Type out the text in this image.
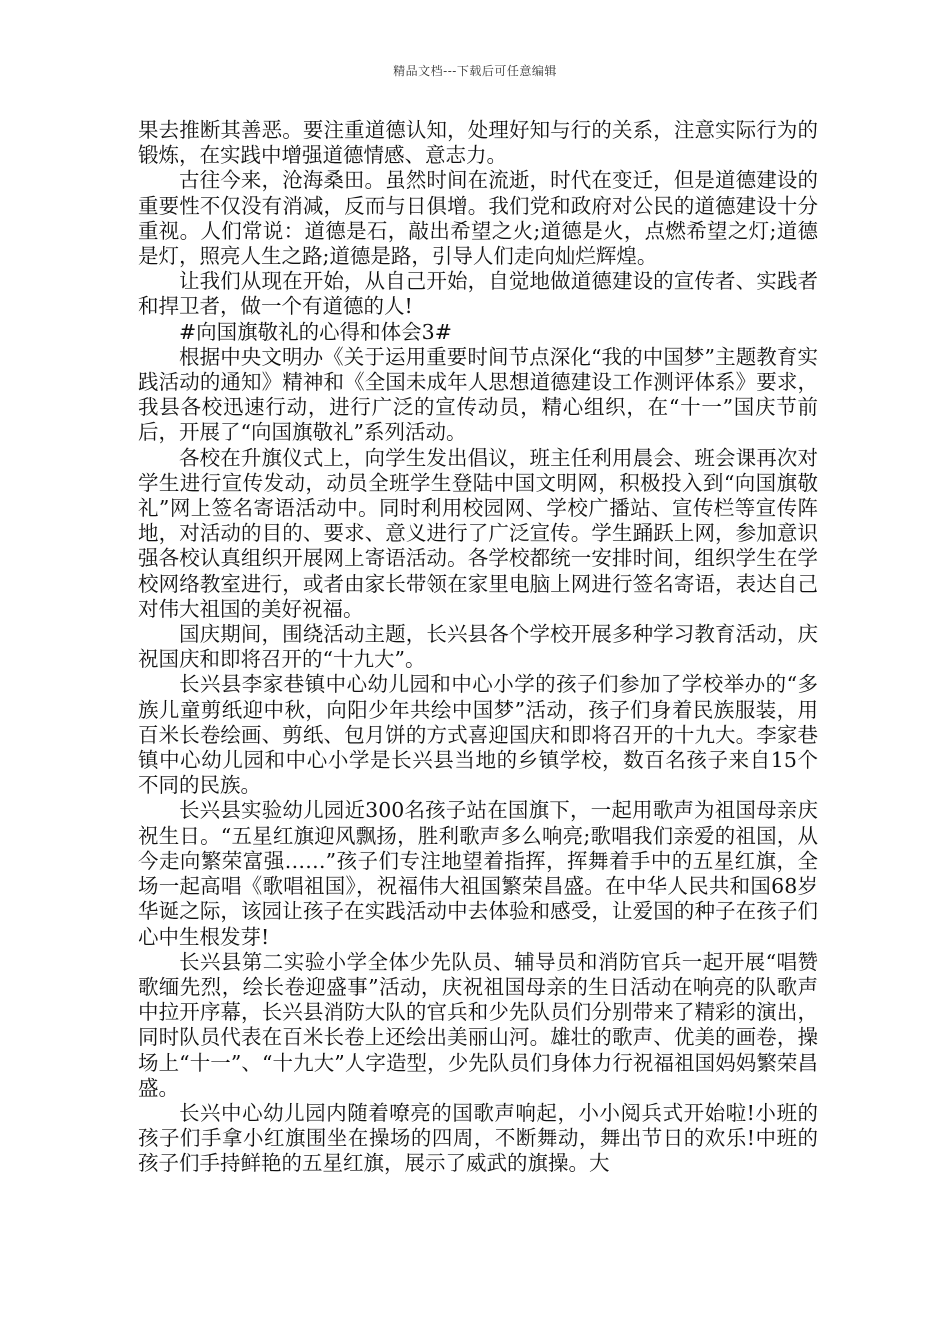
精品文档---下载后可任意编辑

果去推断其善恶。要注重道德认知，处理好知与行的关系，注意实际行为的锻炼，在实践中增强道德情感、意志力。

古往今来，沧海桑田。虽然时间在流逝，时代在变迁，但是道德建设的重要性不仅没有消减，反而与日俱增。我们党和政府对公民的道德建设十分重视。人们常说：道德是石，敲出希望之火;道德是火，点燃希望之灯;道德是灯，照亮人生之路;道德是路，引导人们走向灿烂辉煌。

让我们从现在开始，从自己开始，自觉地做道德建设的宣传者、实践者和捍卫者，做一个有道德的人!

#向国旗敬礼的心得和体会3#

根据中央文明办《关于运用重要时间节点深化“我的中国梦”主题教育实践活动的通知》精神和《全国未成年人思想道德建设工作测评体系》要求，我县各校迅速行动，进行广泛的宣传动员，精心组织，在“十一”国庆节前后，开展了“向国旗敬礼”系列活动。

各校在升旗仪式上，向学生发出倡议，班主任利用晨会、班会课再次对学生进行宣传发动，动员全班学生登陆中国文明网，积极投入到“向国旗敬礼”网上签名寄语活动中。同时利用校园网、学校广播站、宣传栏等宣传阵地，对活动的目的、要求、意义进行了广泛宣传。学生踊跃上网，参加意识强各校认真组织开展网上寄语活动。各学校都统一安排时间，组织学生在学校网络教室进行，或者由家长带领在家里电脑上网进行签名寄语，表达自己对伟大祖国的美好祝福。

国庆期间，围绕活动主题，长兴县各个学校开展多种学习教育活动，庆祝国庆和即将召开的“十九大”。

长兴县李家巷镇中心幼儿园和中心小学的孩子们参加了学校举办的“多族儿童剪纸迎中秋，向阳少年共绘中国梦”活动，孩子们身着民族服装，用百米长卷绘画、剪纸、包月饼的方式喜迎国庆和即将召开的十九大。李家巷镇中心幼儿园和中心小学是长兴县当地的乡镇学校，数百名孩子来自15个不同的民族。

长兴县实验幼儿园近300名孩子站在国旗下，一起用歌声为祖国母亲庆祝生日。“五星红旗迎风飘扬，胜利歌声多么响亮;歌唱我们亲爱的祖国，从今走向繁荣富强……”孩子们专注地望着指挥，挥舞着手中的五星红旗，全场一起高唱《歌唱祖国》，祝福伟大祖国繁荣昌盛。在中华人民共和国68岁华诞之际，该园让孩子在实践活动中去体验和感受，让爱国的种子在孩子们心中生根发芽!

长兴县第二实验小学全体少先队员、辅导员和消防官兵一起开展“唱赞歌缅先烈，绘长卷迎盛事”活动，庆祝祖国母亲的生日活动在响亮的队歌声中拉开序幕，长兴县消防大队的官兵和少先队员们分别带来了精彩的演出，同时队员代表在百米长卷上还绘出美丽山河。雄壮的歌声、优美的画卷，操场上“十一”、“十九大”人字造型，少先队员们身体力行祝福祖国妈妈繁荣昌盛。

长兴中心幼儿园内随着嘹亮的国歌声响起，小小阅兵式开始啦!小班的孩子们手拿小红旗围坐在操场的四周，不断舞动，舞出节日的欢乐!中班的孩子们手持鲜艳的五星红旗，展示了威武的旗操。大
